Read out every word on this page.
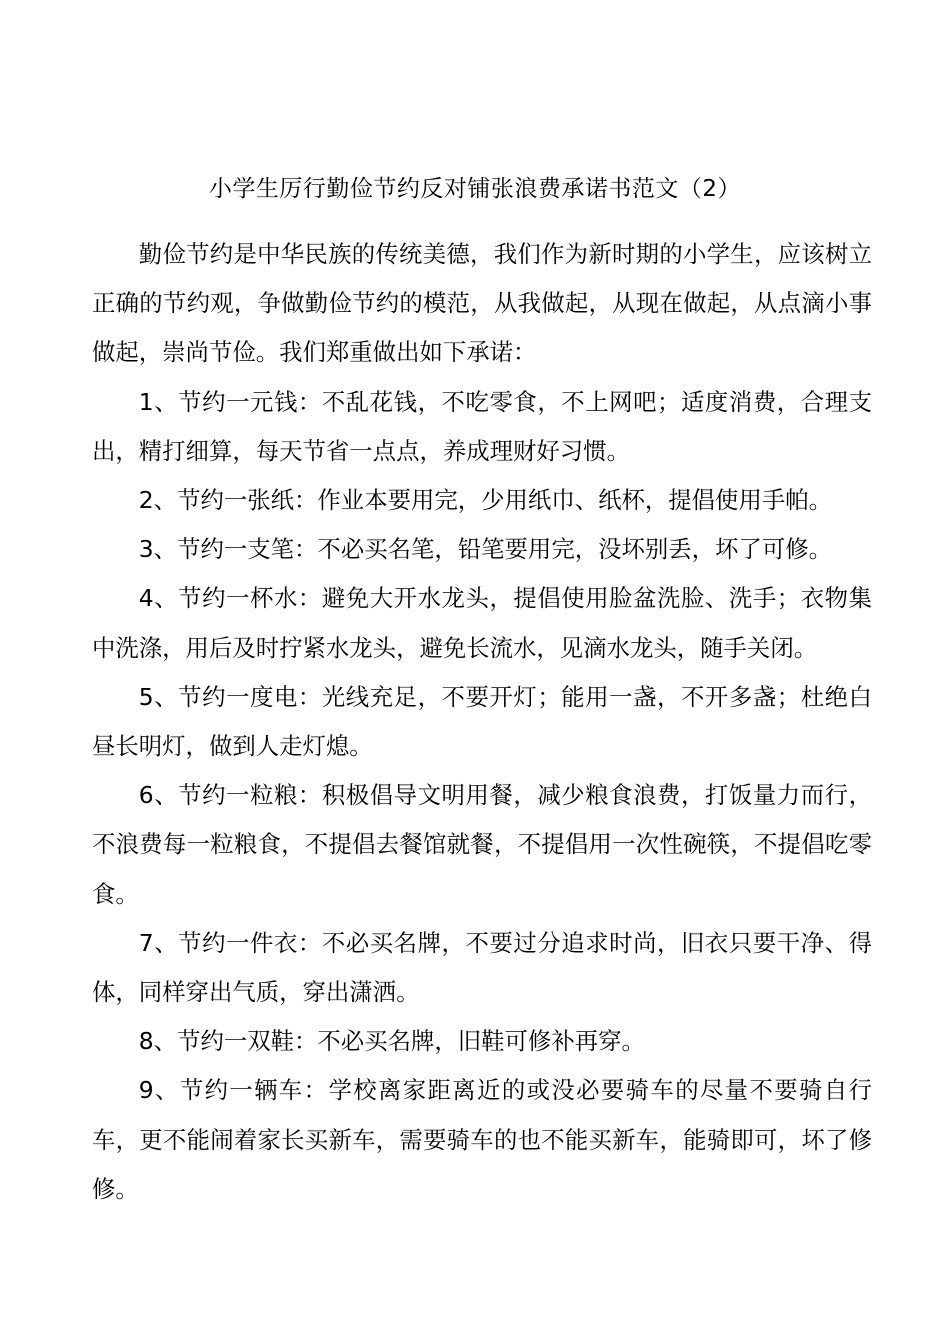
小学生厉行勤俭节约反对铺张浪费承诺书范文（2）

勤俭节约是中华民族的传统美德，我们作为新时期的小学生，应该树立正确的节约观，争做勤俭节约的模范，从我做起，从现在做起，从点滴小事做起，崇尚节俭。我们郑重做出如下承诺：

1、节约一元钱：不乱花钱，不吃零食，不上网吧；适度消费，合理支出，精打细算，每天节省一点点，养成理财好习惯。

2、节约一张纸：作业本要用完，少用纸巾、纸杯，提倡使用手帕。

3、节约一支笔：不必买名笔，铅笔要用完，没坏别丢，坏了可修。

4、节约一杯水：避免大开水龙头，提倡使用脸盆洗脸、洗手；衣物集中洗涤，用后及时拧紧水龙头，避免长流水，见滴水龙头，随手关闭。

5、节约一度电：光线充足，不要开灯；能用一盏，不开多盏；杜绝白昼长明灯，做到人走灯熄。

6、节约一粒粮：积极倡导文明用餐，减少粮食浪费，打饭量力而行，不浪费每一粒粮食，不提倡去餐馆就餐，不提倡用一次性碗筷，不提倡吃零食。

7、节约一件衣：不必买名牌，不要过分追求时尚，旧衣只要干净、得体，同样穿出气质，穿出潇洒。

8、节约一双鞋：不必买名牌，旧鞋可修补再穿。

9、节约一辆车：学校离家距离近的或没必要骑车的尽量不要骑自行车，更不能闹着家长买新车，需要骑车的也不能买新车，能骑即可，坏了修修。
